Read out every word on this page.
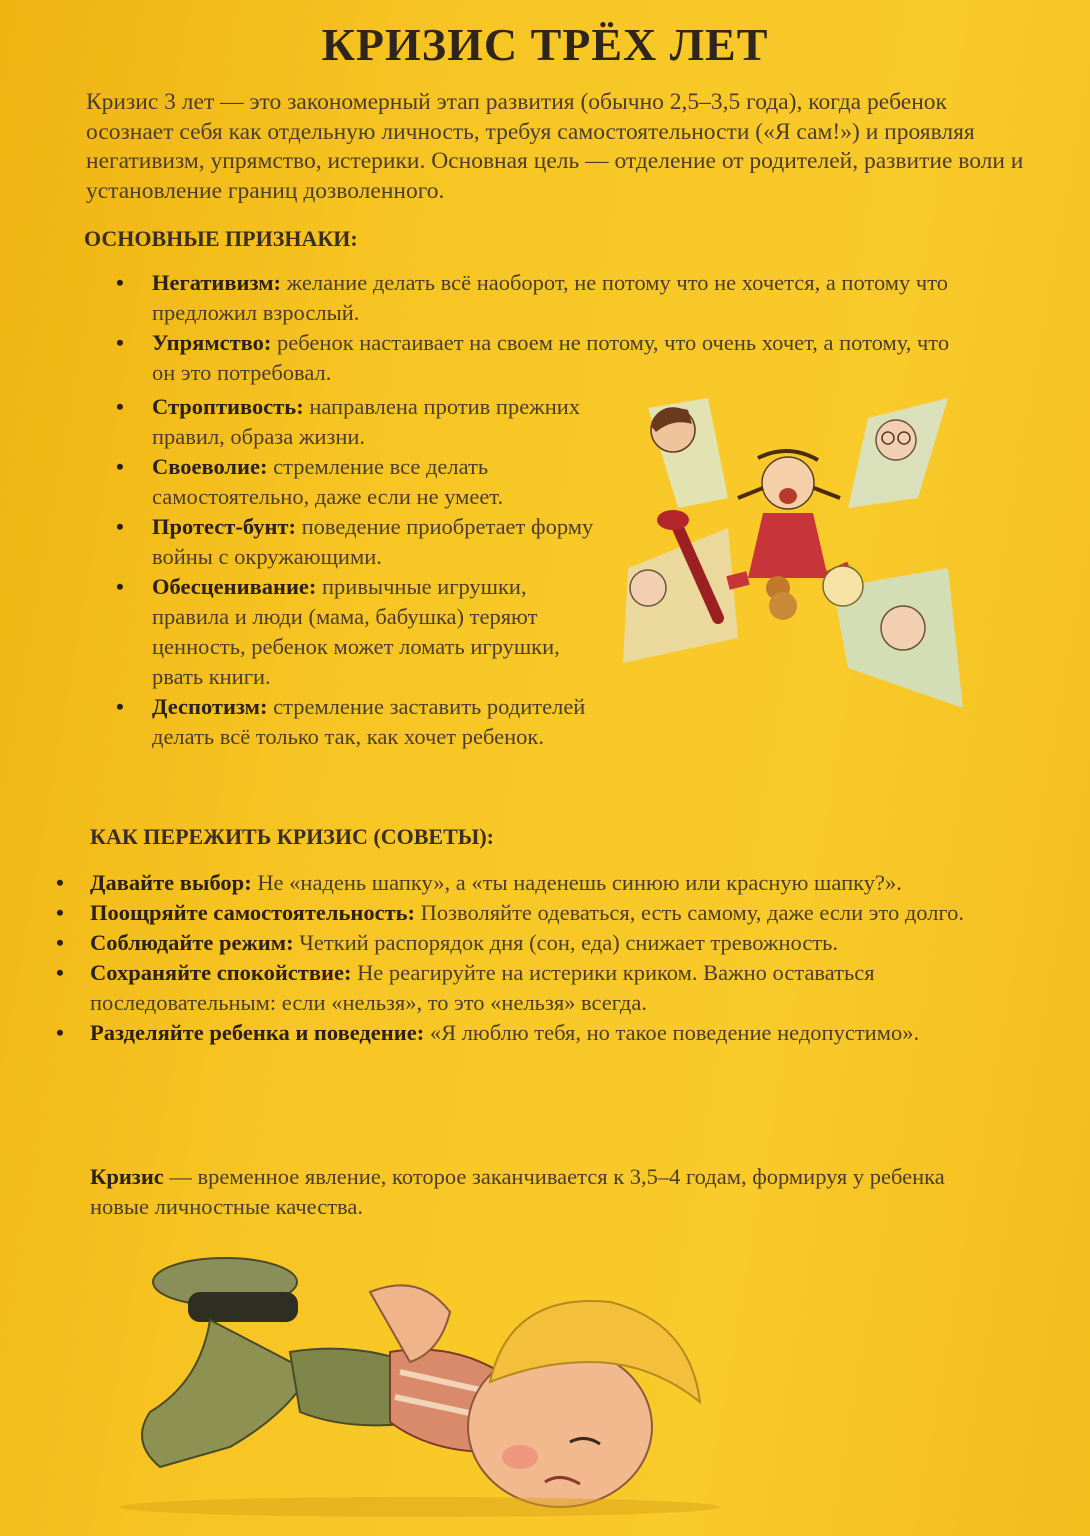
КРИЗИС ТРЁХ ЛЕТ

Кризис 3 лет — это закономерный этап развития (обычно 2,5–3,5 года), когда ребенок осознает себя как отдельную личность, требуя самостоятельности («Я сам!») и проявляя негативизм, упрямство, истерики. Основная цель — отделение от родителей, развитие воли и установление границ дозволенного.

ОСНОВНЫЕ ПРИЗНАКИ:
• Негативизм: желание делать всё наоборот, не потому что не хочется, а потому что предложил взрослый.
• Упрямство: ребенок настаивает на своем не потому, что очень хочет, а потому, что он это потребовал.
• Строптивость: направлена против прежних правил, образа жизни.
• Своеволие: стремление все делать самостоятельно, даже если не умеет.
• Протест-бунт: поведение приобретает форму войны с окружающими.
• Обесценивание: привычные игрушки, правила и люди (мама, бабушка) теряют ценность, ребенок может ломать игрушки, рвать книги.
• Деспотизм: стремление заставить родителей делать всё только так, как хочет ребенок.
КАК ПЕРЕЖИТЬ КРИЗИС (СОВЕТЫ):
• Давайте выбор: Не «надень шапку», а «ты наденешь синюю или красную шапку?».
• Поощряйте самостоятельность: Позволяйте одеваться, есть самому, даже если это долго.
• Соблюдайте режим: Четкий распорядок дня (сон, еда) снижает тревожность.
• Сохраняйте спокойствие: Не реагируйте на истерики криком. Важно оставаться последовательным: если «нельзя», то это «нельзя» всегда.
• Разделяйте ребенка и поведение: «Я люблю тебя, но такое поведение недопустимо».

Кризис — временное явление, которое заканчивается к 3,5–4 годам, формируя у ребенка новые личностные качества.
